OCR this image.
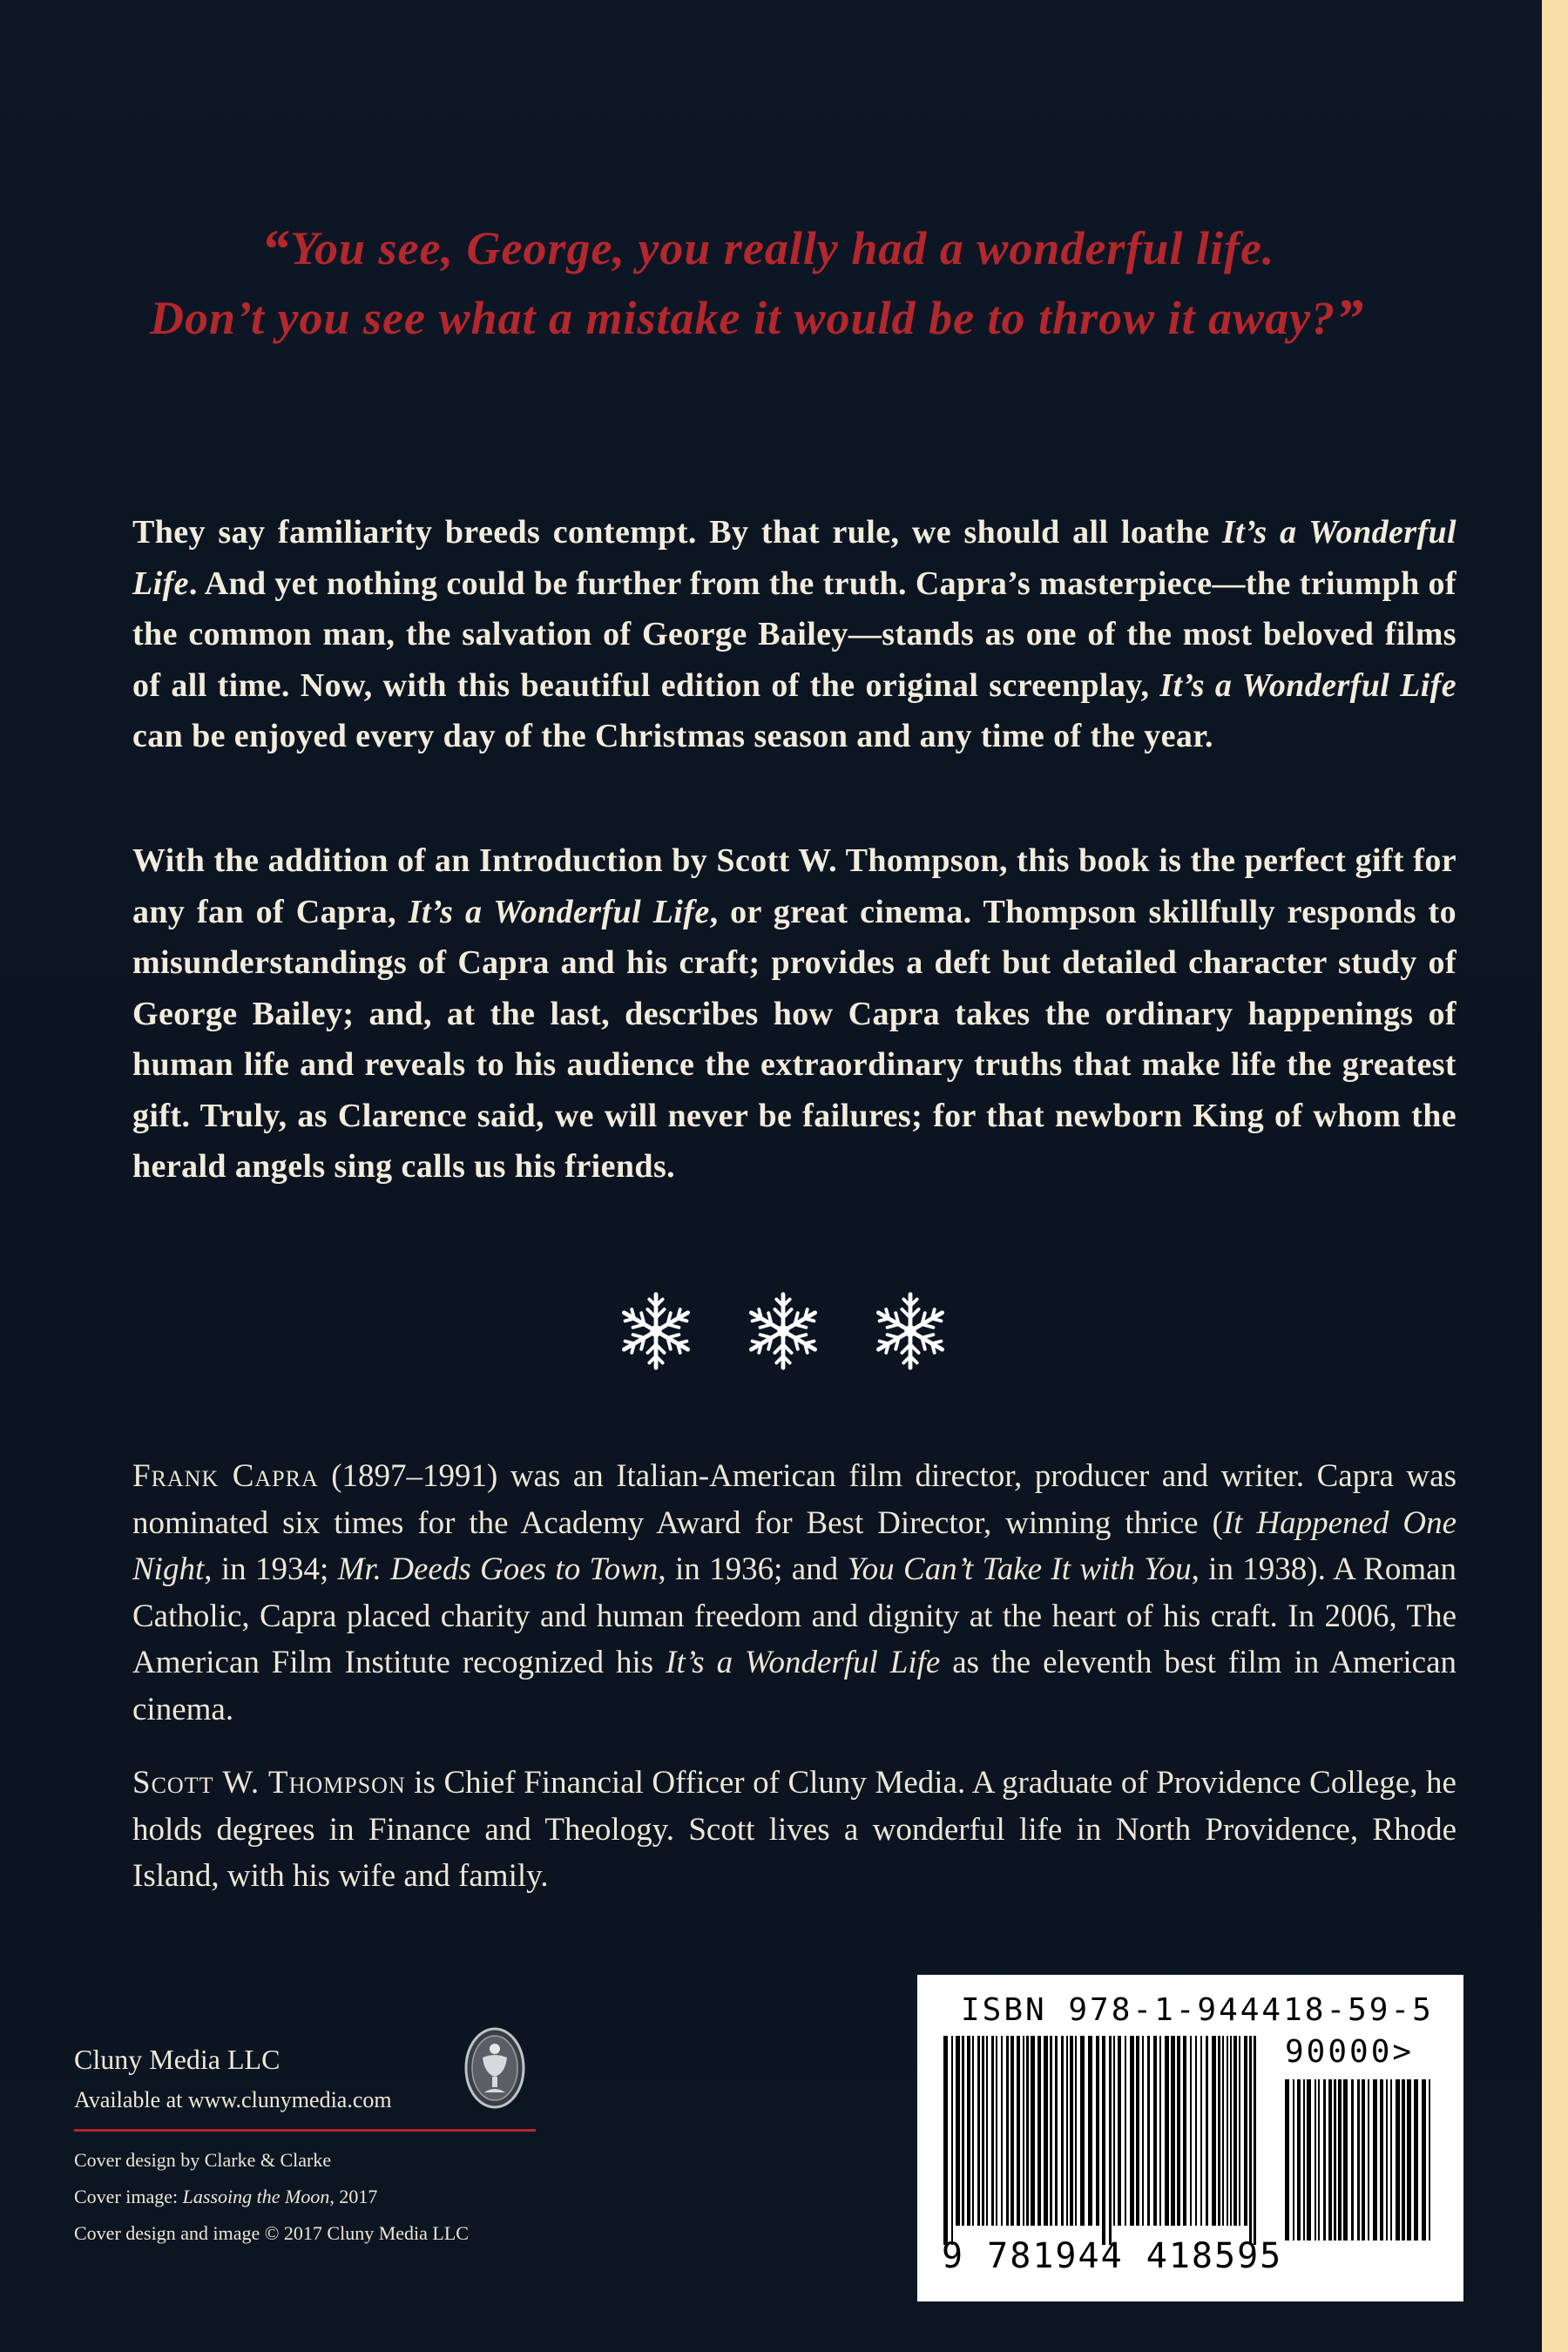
“You see, George, you really had a wonderful life.
Don’t you see what a mistake it would be to throw it away?”

They say familiarity breeds contempt. By that rule, we should all loathe It’s a Wonderful Life. And yet nothing could be further from the truth. Capra’s masterpiece—the triumph of the common man, the salvation of George Bailey—stands as one of the most beloved films of all time. Now, with this beautiful edition of the original screenplay, It’s a Wonderful Life can be enjoyed every day of the Christmas season and any time of the year.

With the addition of an Introduction by Scott W. Thompson, this book is the perfect gift for any fan of Capra, It’s a Wonderful Life, or great cinema. Thompson skillfully responds to misunderstandings of Capra and his craft; provides a deft but detailed character study of George Bailey; and, at the last, describes how Capra takes the ordinary happenings of human life and reveals to his audience the extraordinary truths that make life the greatest gift. Truly, as Clarence said, we will never be failures; for that newborn King of whom the herald angels sing calls us his friends.

Frank Capra (1897–1991) was an Italian-American film director, producer and writer. Capra was nominated six times for the Academy Award for Best Director, winning thrice (It Happened One Night, in 1934; Mr. Deeds Goes to Town, in 1936; and You Can’t Take It with You, in 1938). A Roman Catholic, Capra placed charity and human freedom and dignity at the heart of his craft. In 2006, The American Film Institute recognized his It’s a Wonderful Life as the eleventh best film in American cinema.

Scott W. Thompson is Chief Financial Officer of Cluny Media. A graduate of Providence College, he holds degrees in Finance and Theology. Scott lives a wonderful life in North Providence, Rhode Island, with his wife and family.

Cluny Media LLC
Available at www.clunymedia.com
Cover design by Clarke & Clarke
Cover image: Lassoing the Moon, 2017
Cover design and image © 2017 Cluny Media LLC
ISBN 978-1-944418-59-5
90000>
9 781944 418595
